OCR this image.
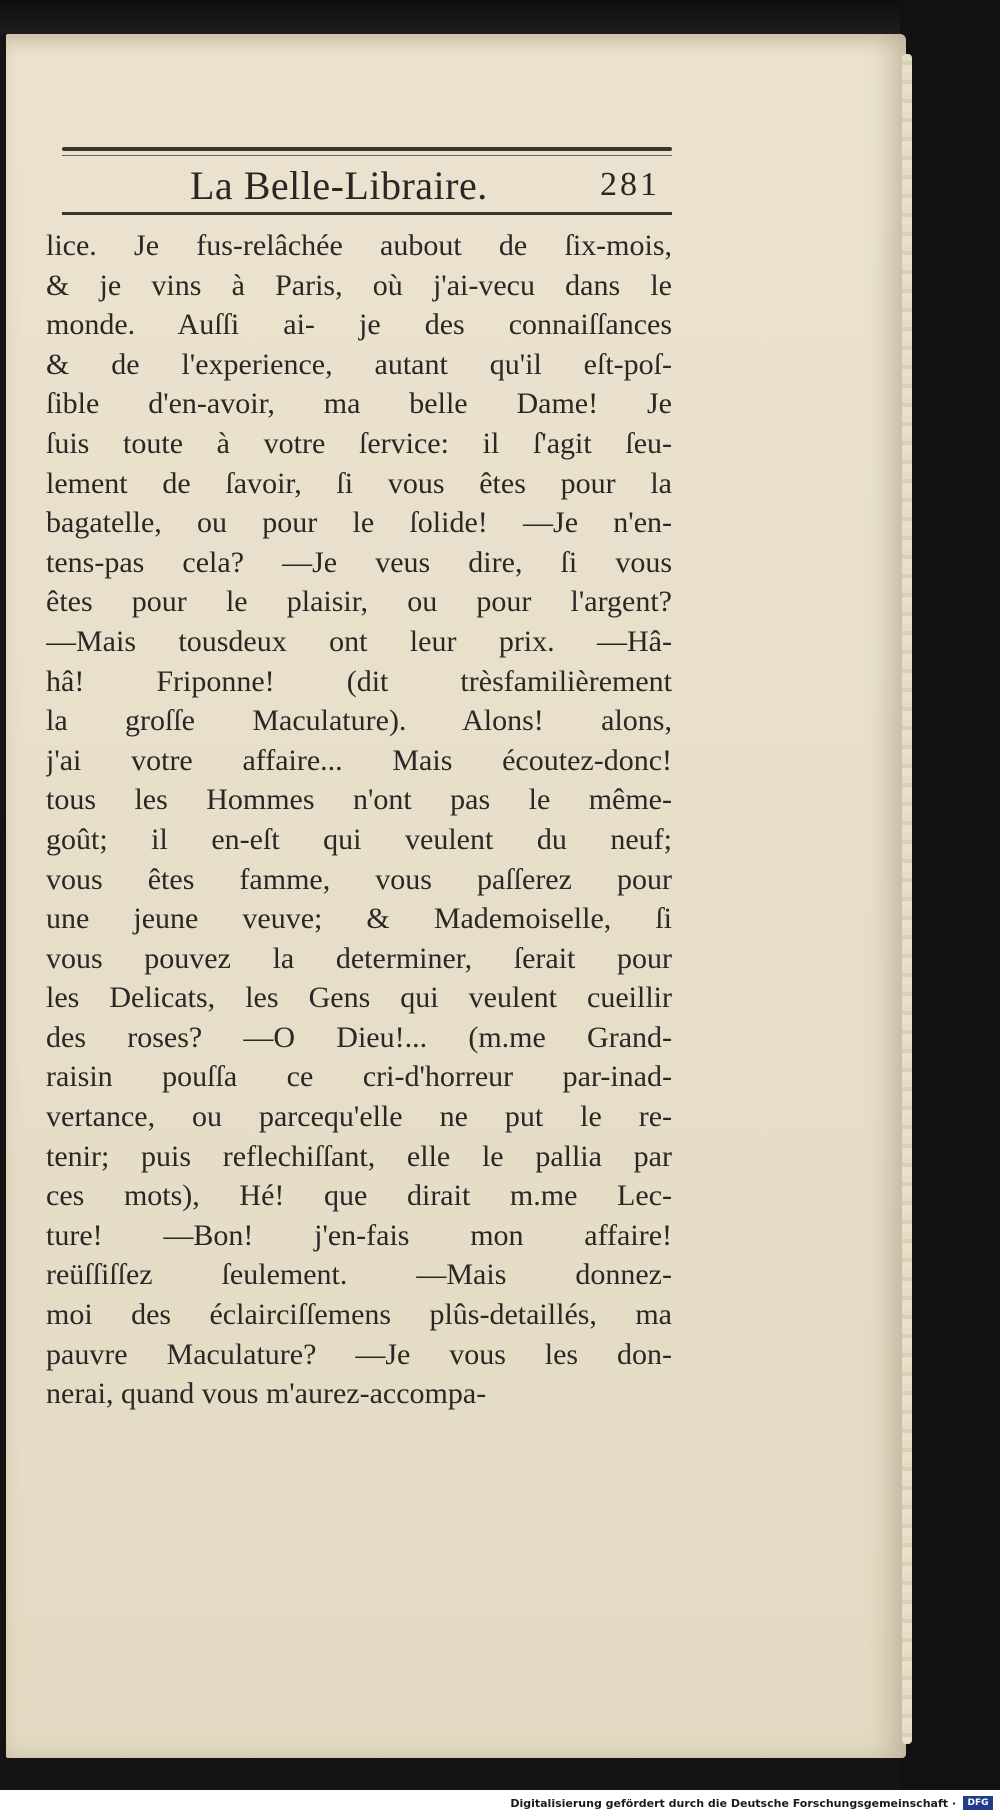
La Belle-Libraire.	281
lice. Je fus-relâchée aubout de ſix-mois,
& je vins à Paris, où j'ai-vecu dans le
monde. Auſſi ai- je des connaiſſances
& de l'experience, autant qu'il eſt-poſ-
ſible d'en-avoir, ma belle Dame! Je
ſuis toute à votre ſervice: il ſ'agit ſeu-
lement de ſavoir, ſi vous êtes pour la
bagatelle, ou pour le ſolide! —Je n'en-
tens-pas cela? —Je veus dire, ſi vous
êtes pour le plaisir, ou pour l'argent?
—Mais tousdeux ont leur prix. —Hâ-
hâ! Friponne! (dit trèsfamilièrement
la groſſe Maculature). Alons! alons,
j'ai votre affaire... Mais écoutez-donc!
tous les Hommes n'ont pas le même-
goût; il en-eſt qui veulent du neuf;
vous êtes famme, vous paſſerez pour
une jeune veuve; & Mademoiselle, ſi
vous pouvez la determiner, ſerait pour
les Delicats, les Gens qui veulent cueillir
des roses? —O Dieu!... (m.me Grand-
raisin pouſſa ce cri-d'horreur par-inad-
vertance, ou parcequ'elle ne put le re-
tenir; puis reflechiſſant, elle le pallia par
ces mots), Hé! que dirait m.me Lec-
ture! —Bon! j'en-fais mon affaire!
reüſſiſſez ſeulement. —Mais donnez-
moi des éclairciſſemens plûs-detaillés, ma
pauvre Maculature? —Je vous les don-
nerai, quand vous m'aurez-accompa-
Digitalisierung gefördert durch die Deutsche Forschungsgemeinschaft ·	DFG
